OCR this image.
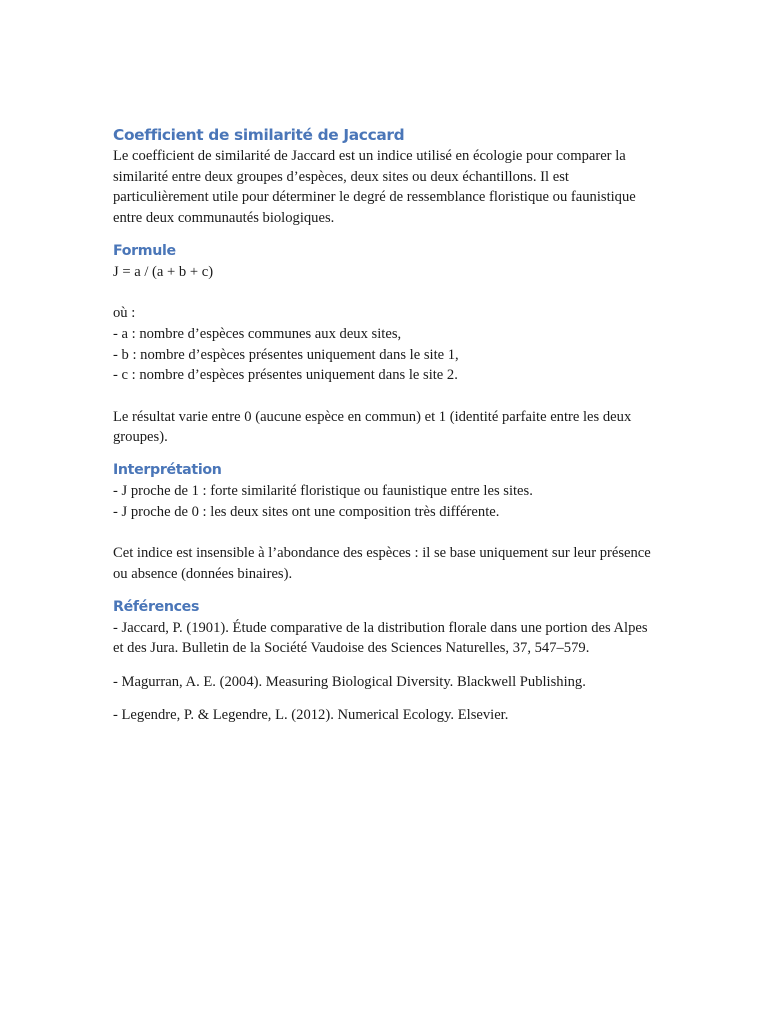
Coefficient de similarité de Jaccard

Le coefficient de similarité de Jaccard est un indice utilisé en écologie pour comparer la similarité entre deux groupes d’espèces, deux sites ou deux échantillons. Il est particulièrement utile pour déterminer le degré de ressemblance floristique ou faunistique entre deux communautés biologiques.

Formule

J = a / (a + b + c)

où :

- a : nombre d’espèces communes aux deux sites,

- b : nombre d’espèces présentes uniquement dans le site 1,

- c : nombre d’espèces présentes uniquement dans le site 2.

Le résultat varie entre 0 (aucune espèce en commun) et 1 (identité parfaite entre les deux groupes).

Interprétation

- J proche de 1 : forte similarité floristique ou faunistique entre les sites.

- J proche de 0 : les deux sites ont une composition très différente.

Cet indice est insensible à l’abondance des espèces : il se base uniquement sur leur présence ou absence (données binaires).

Références

- Jaccard, P. (1901). Étude comparative de la distribution florale dans une portion des Alpes et des Jura. Bulletin de la Société Vaudoise des Sciences Naturelles, 37, 547–579.

- Magurran, A. E. (2004). Measuring Biological Diversity. Blackwell Publishing.

- Legendre, P. & Legendre, L. (2012). Numerical Ecology. Elsevier.
